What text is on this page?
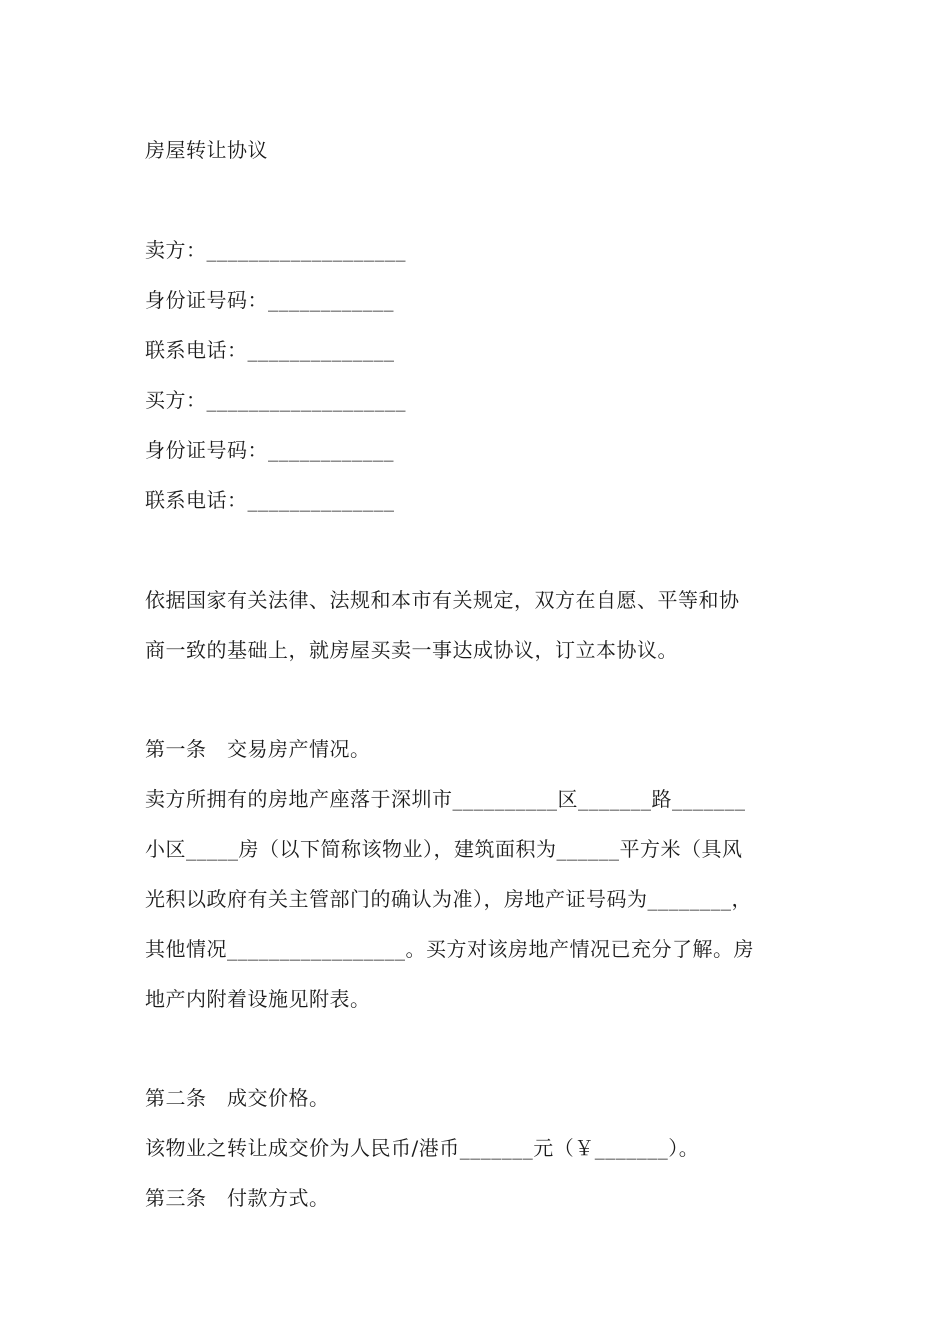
房屋转让协议
卖方：___________________
身份证号码：____________
联系电话：______________
买方：___________________
身份证号码：____________
联系电话：______________
依据国家有关法律、法规和本市有关规定，双方在自愿、平等和协
商一致的基础上，就房屋买卖一事达成协议，订立本协议。
第一条　交易房产情况。
卖方所拥有的房地产座落于深圳市__________区_______路_______
小区_____房（以下简称该物业），建筑面积为______平方米（具风
光积以政府有关主管部门的确认为准），房地产证号码为________，
其他情况_________________。买方对该房地产情况已充分了解。房
地产内附着设施见附表。
第二条　成交价格。
该物业之转让成交价为人民币/港币_______元（￥_______）。
第三条　付款方式。
